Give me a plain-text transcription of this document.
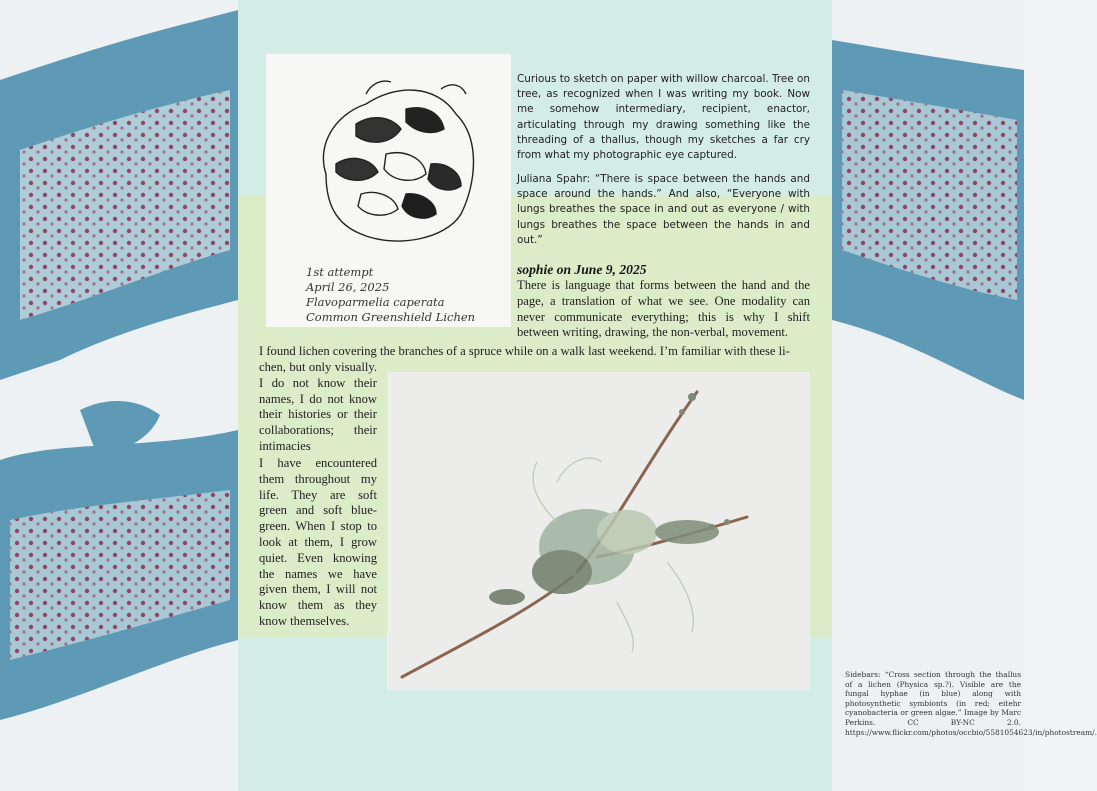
1st attempt
April 26, 2025
Flavoparmelia caperata
Common Greenshield Lichen

Curious to sketch on paper with willow charcoal. Tree on tree, as recognized when I was writing my book. Now me somehow intermediary, recipient, enactor, articulating through my drawing something like the threading of a thallus, though my sketches a far cry from what my photographic eye captured.

Juliana Spahr: “There is space between the hands and space around the hands.” And also, “Everyone with lungs breathes the space in and out as everyone / with lungs breathes the space between the hands in and out.”

sophie on June 9, 2025

There is language that forms between the hand and the page, a translation of what we see. One modality can never communicate everything; this is why I shift between writing, drawing, the non-verbal, movement.

I found lichen covering the branches of a spruce while on a walk last weekend. I’m familiar with these li-

chen, but only visually. I do not know their names, I do not know their histories or their collaborations; their intimacies

I have encountered them throughout my life. They are soft green and soft blue-green. When I stop to look at them, I grow quiet. Even knowing the names we have given them, I will not know them as they know themselves.

Sidebars: “Cross section through the thallus of a lichen (Physica sp.?). Visible are the fungal hyphae (in blue) along with photosynthetic symbionts (in red; eitehr cyanobacteria or green algae.” Image by Marc Perkins. CC BY-NC 2.0. https://www.flickr.com/photos/occbio/5581054623/in/photostream/.
